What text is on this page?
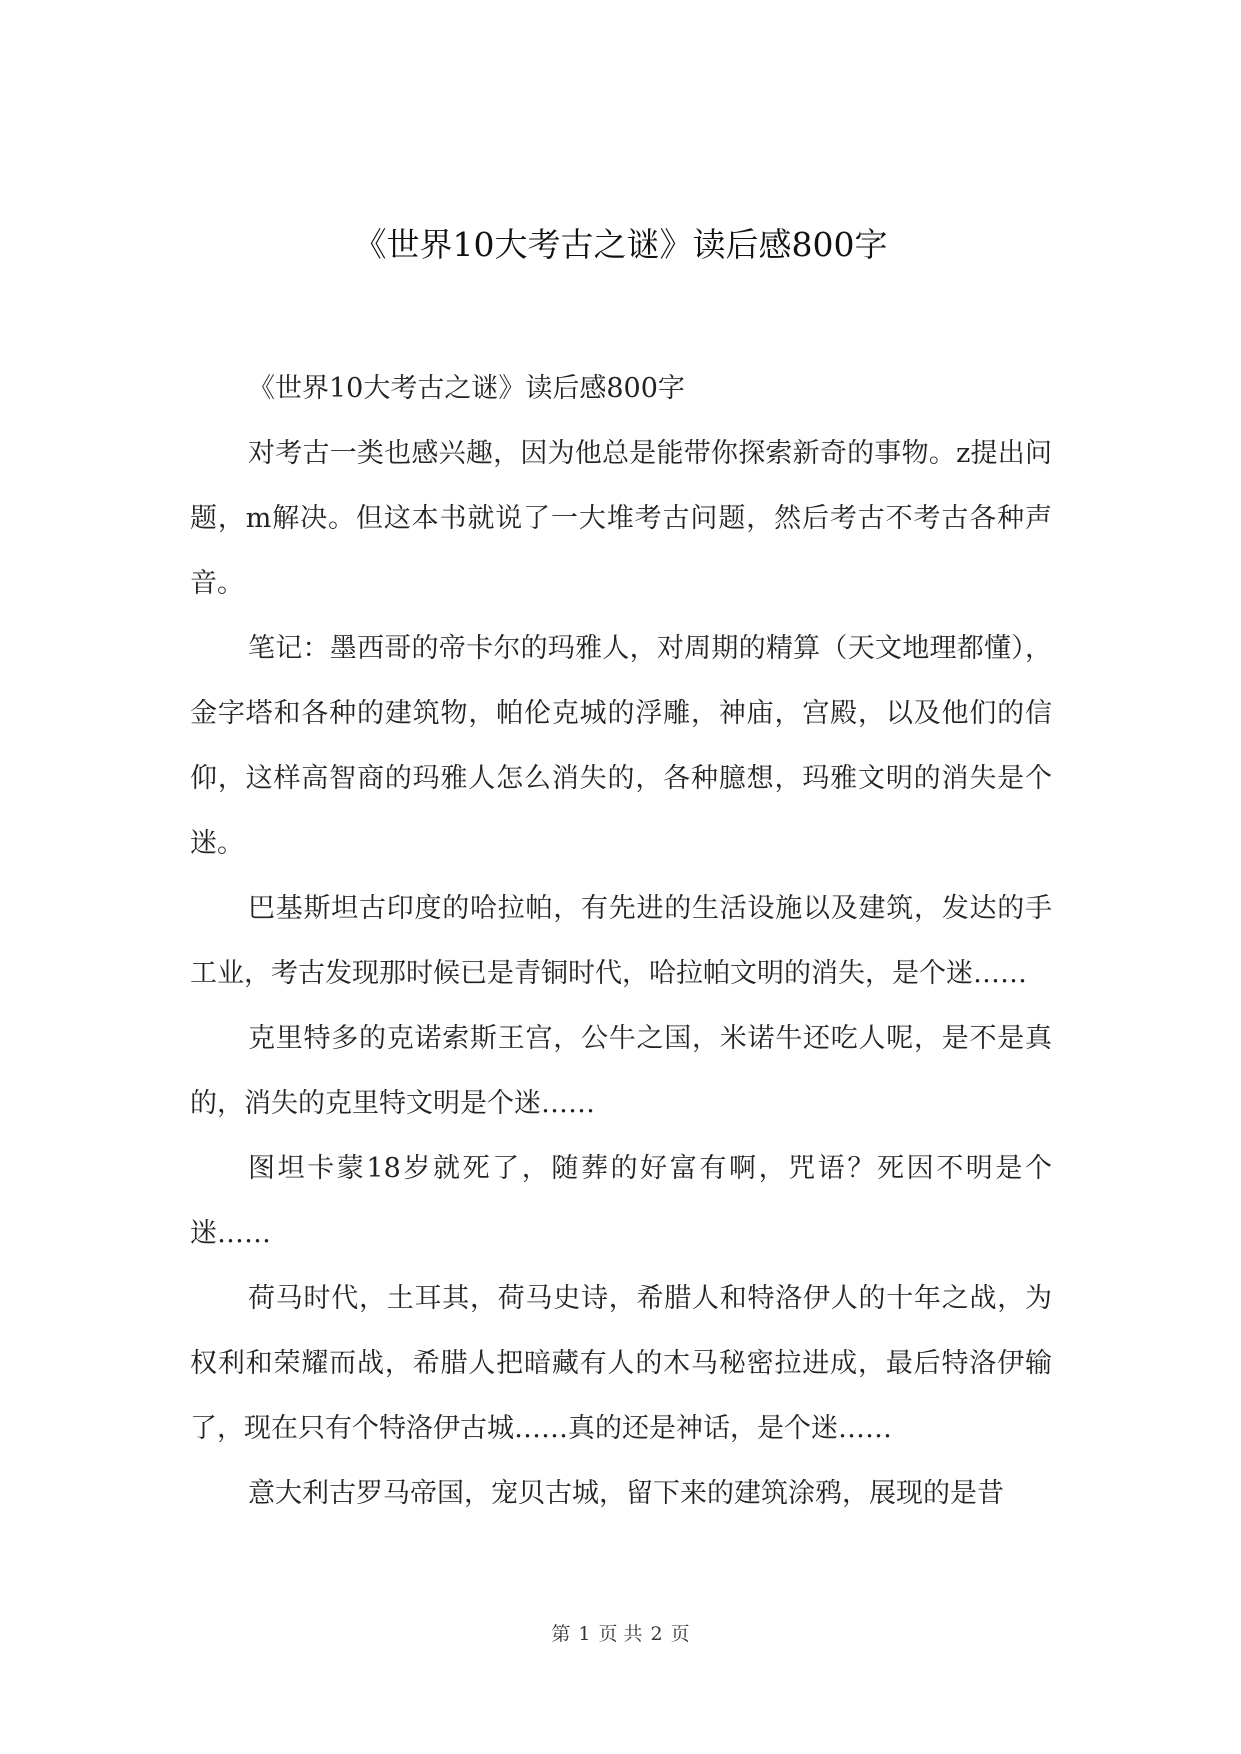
《世界10大考古之谜》读后感800字

《世界10大考古之谜》读后感800字

对考古一类也感兴趣，因为他总是能带你探索新奇的事物。z提出问题，m解决。但这本书就说了一大堆考古问题，然后考古不考古各种声音。

笔记：墨西哥的帝卡尔的玛雅人，对周期的精算（天文地理都懂），金字塔和各种的建筑物，帕伦克城的浮雕，神庙，宫殿，以及他们的信仰，这样高智商的玛雅人怎么消失的，各种臆想，玛雅文明的消失是个迷。

巴基斯坦古印度的哈拉帕，有先进的生活设施以及建筑，发达的手工业，考古发现那时候已是青铜时代，哈拉帕文明的消失，是个迷……

克里特多的克诺索斯王宫，公牛之国，米诺牛还吃人呢，是不是真的，消失的克里特文明是个迷……

图坦卡蒙18岁就死了，随葬的好富有啊，咒语？死因不明是个迷……

荷马时代，土耳其，荷马史诗，希腊人和特洛伊人的十年之战，为权利和荣耀而战，希腊人把暗藏有人的木马秘密拉进成，最后特洛伊输了，现在只有个特洛伊古城……真的还是神话，是个迷……

意大利古罗马帝国，宠贝古城，留下来的建筑涂鸦，展现的是昔

第 1 页 共 2 页
